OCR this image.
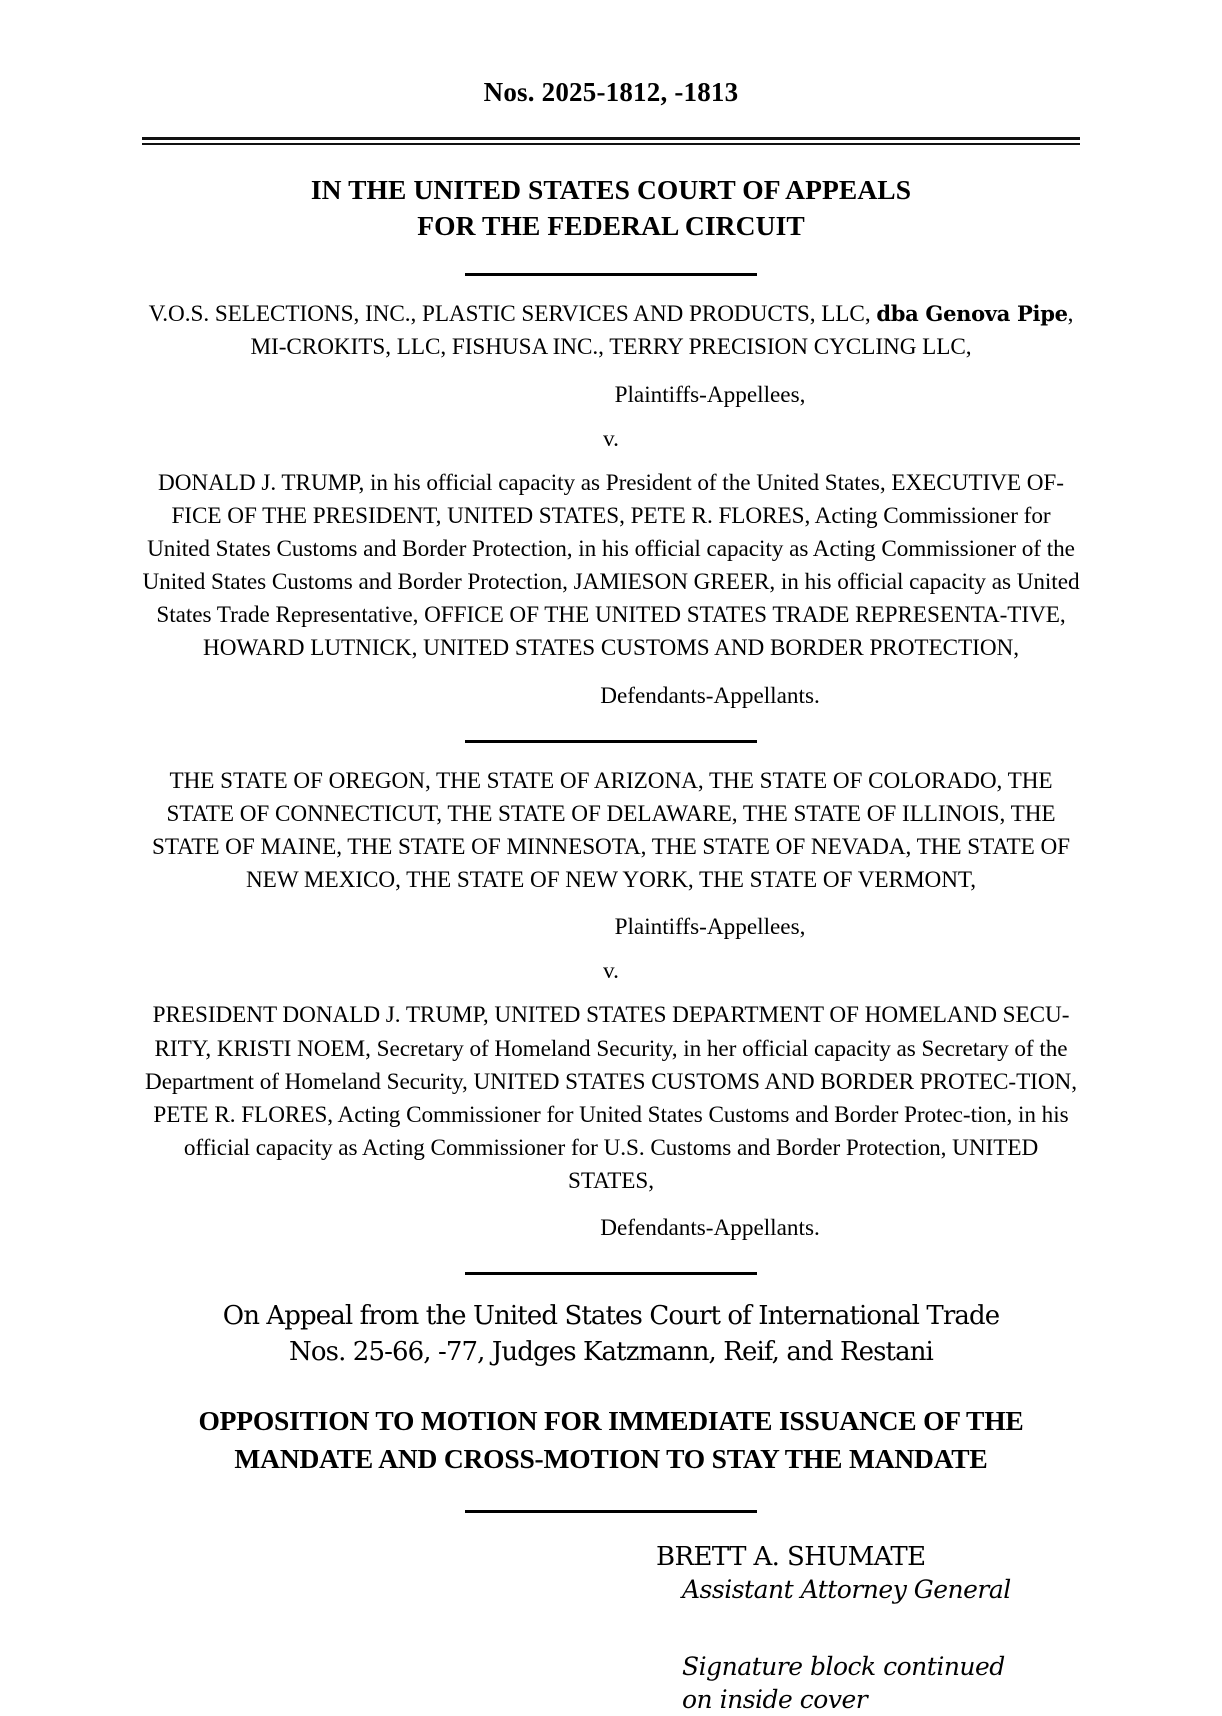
Nos. 2025-1812, -1813
IN THE UNITED STATES COURT OF APPEALS
FOR THE FEDERAL CIRCUIT
V.O.S. SELECTIONS, INC., PLASTIC SERVICES AND PRODUCTS, LLC, dba Genova Pipe, MI-CROKITS, LLC, FISHUSA INC., TERRY PRECISION CYCLING LLC,
Plaintiffs-Appellees,
v.
DONALD J. TRUMP, in his official capacity as President of the United States, EXECUTIVE OF-FICE OF THE PRESIDENT, UNITED STATES, PETE R. FLORES, Acting Commissioner for United States Customs and Border Protection, in his official capacity as Acting Commissioner of the United States Customs and Border Protection, JAMIESON GREER, in his official capacity as United States Trade Representative, OFFICE OF THE UNITED STATES TRADE REPRESENTA-TIVE, HOWARD LUTNICK, UNITED STATES CUSTOMS AND BORDER PROTECTION,
Defendants-Appellants.
THE STATE OF OREGON, THE STATE OF ARIZONA, THE STATE OF COLORADO, THE STATE OF CONNECTICUT, THE STATE OF DELAWARE, THE STATE OF ILLINOIS, THE STATE OF MAINE, THE STATE OF MINNESOTA, THE STATE OF NEVADA, THE STATE OF NEW MEXICO, THE STATE OF NEW YORK, THE STATE OF VERMONT,
Plaintiffs-Appellees,
v.
PRESIDENT DONALD J. TRUMP, UNITED STATES DEPARTMENT OF HOMELAND SECU-RITY, KRISTI NOEM, Secretary of Homeland Security, in her official capacity as Secretary of the Department of Homeland Security, UNITED STATES CUSTOMS AND BORDER PROTEC-TION, PETE R. FLORES, Acting Commissioner for United States Customs and Border Protec-tion, in his official capacity as Acting Commissioner for U.S. Customs and Border Protection, UNITED STATES,
Defendants-Appellants.
On Appeal from the United States Court of International Trade
Nos. 25-66, -77, Judges Katzmann, Reif, and Restani
OPPOSITION TO MOTION FOR IMMEDIATE ISSUANCE OF THE
MANDATE AND CROSS-MOTION TO STAY THE MANDATE
BRETT A. SHUMATE
Assistant Attorney General
Signature block continued
on inside cover
